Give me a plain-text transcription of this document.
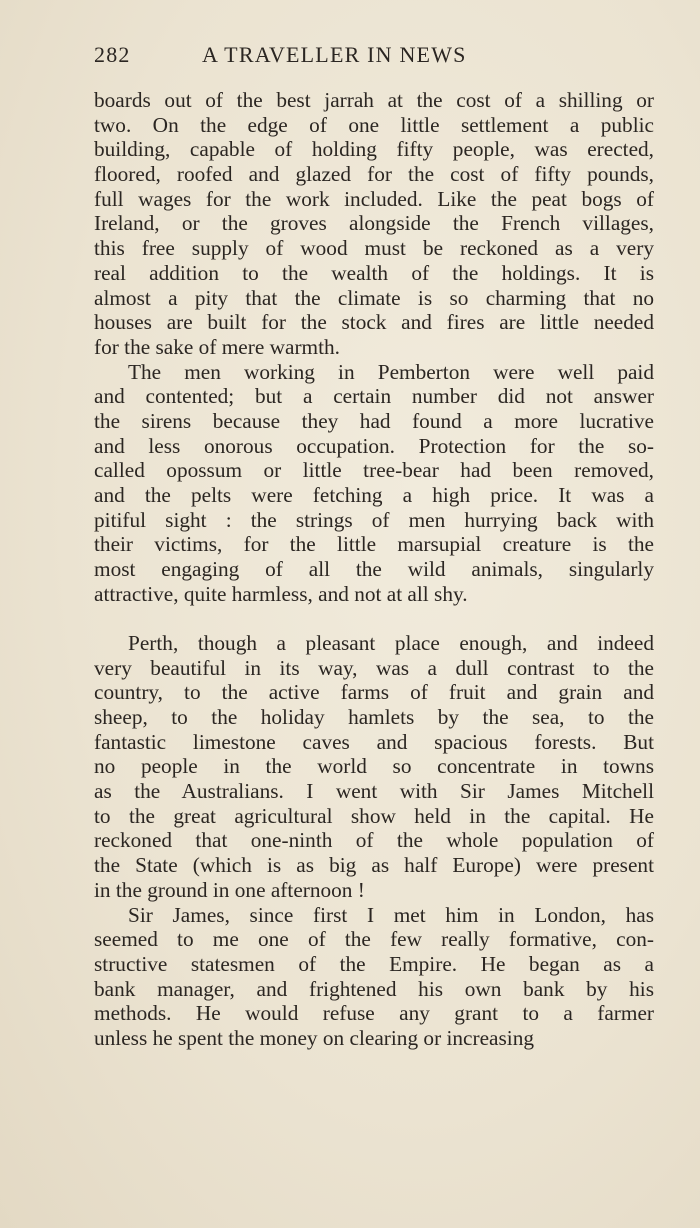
282	A TRAVELLER IN NEWS
boards out of the best jarrah at the cost of a shilling or
two. On the edge of one little settlement a public
building, capable of holding fifty people, was erected,
floored, roofed and glazed for the cost of fifty pounds,
full wages for the work included. Like the peat bogs of
Ireland, or the groves alongside the French villages,
this free supply of wood must be reckoned as a very
real addition to the wealth of the holdings. It is
almost a pity that the climate is so charming that no
houses are built for the stock and fires are little needed
for the sake of mere warmth.
The men working in Pemberton were well paid
and contented; but a certain number did not answer
the sirens because they had found a more lucrative
and less onorous occupation. Protection for the so-
called opossum or little tree-bear had been removed,
and the pelts were fetching a high price. It was a
pitiful sight : the strings of men hurrying back with
their victims, for the little marsupial creature is the
most engaging of all the wild animals, singularly
attractive, quite harmless, and not at all shy.
Perth, though a pleasant place enough, and indeed
very beautiful in its way, was a dull contrast to the
country, to the active farms of fruit and grain and
sheep, to the holiday hamlets by the sea, to the
fantastic limestone caves and spacious forests. But
no people in the world so concentrate in towns
as the Australians. I went with Sir James Mitchell
to the great agricultural show held in the capital. He
reckoned that one-ninth of the whole population of
the State (which is as big as half Europe) were present
in the ground in one afternoon !
Sir James, since first I met him in London, has
seemed to me one of the few really formative, con-
structive statesmen of the Empire. He began as a
bank manager, and frightened his own bank by his
methods. He would refuse any grant to a farmer
unless he spent the money on clearing or increasing
